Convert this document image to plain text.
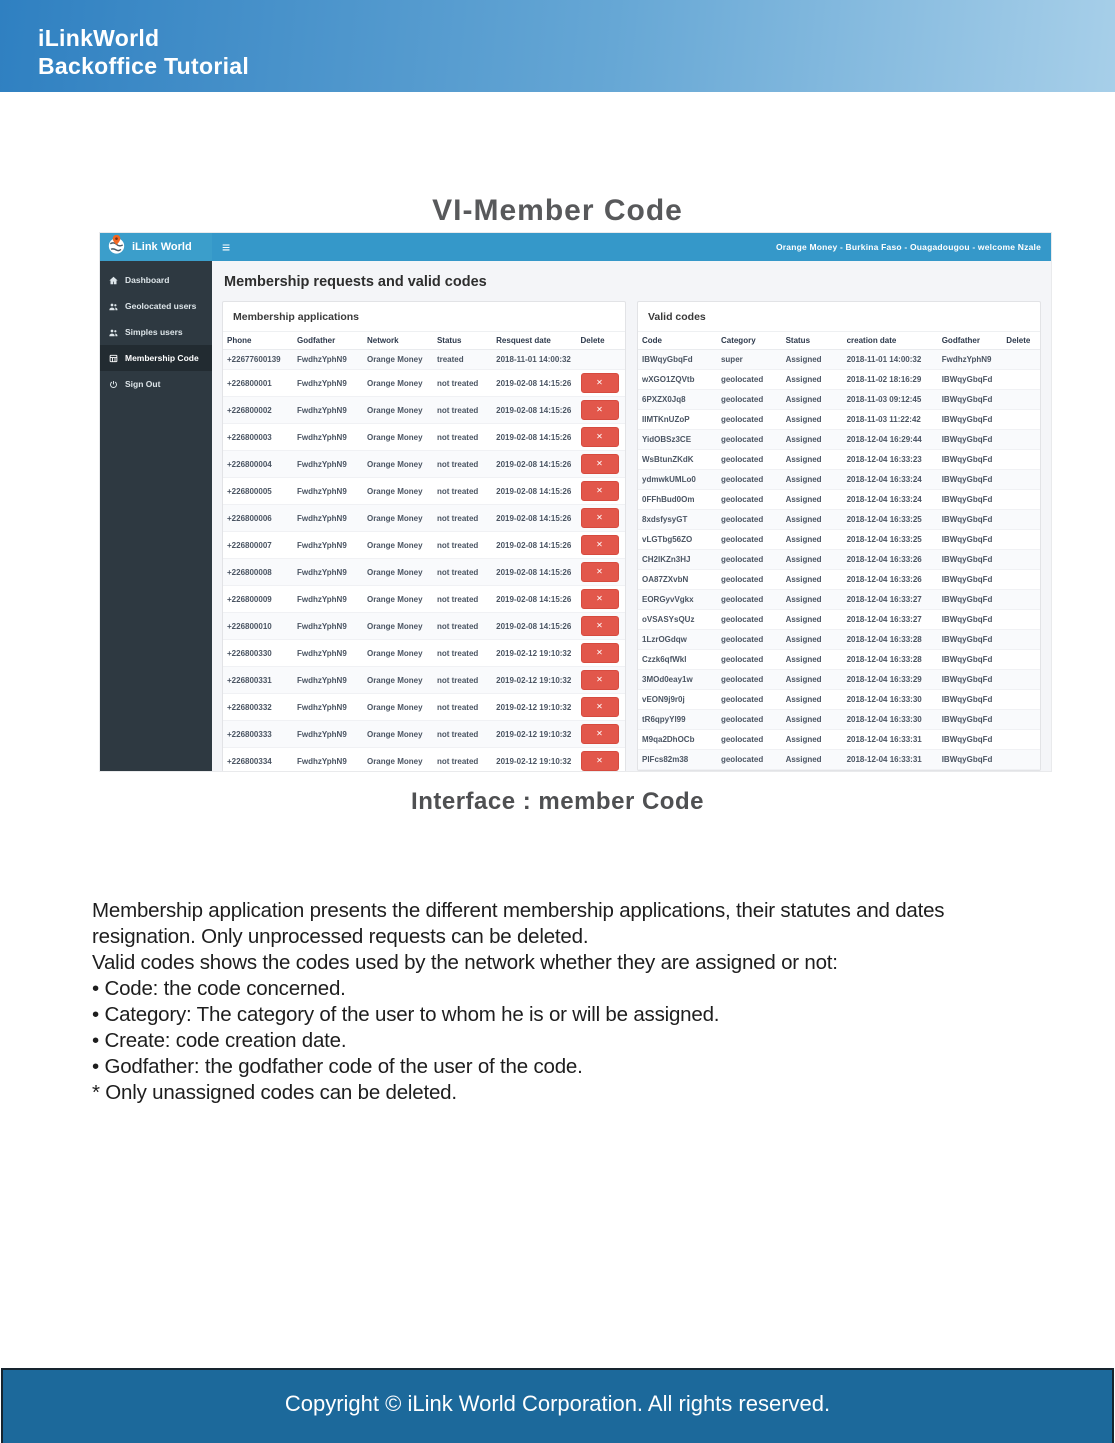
iLinkWorld
Backoffice Tutorial
VI-Member Code
iLink World ≡	Orange Money - Burkina Faso - Ouagadougou - welcome Nzale
Dashboard
Geolocated users
Simples users
Membership Code
Sign Out
Membership requests and valid codes
Membership applications
Phone	Godfather	Network	Status	Resquest date	Delete
+22677600139	FwdhzYphN9	Orange Money	treated	2018-11-01 14:00:32	
+226800001	FwdhzYphN9	Orange Money	not treated	2019-02-08 14:15:26	✕
+226800002	FwdhzYphN9	Orange Money	not treated	2019-02-08 14:15:26	✕
+226800003	FwdhzYphN9	Orange Money	not treated	2019-02-08 14:15:26	✕
+226800004	FwdhzYphN9	Orange Money	not treated	2019-02-08 14:15:26	✕
+226800005	FwdhzYphN9	Orange Money	not treated	2019-02-08 14:15:26	✕
+226800006	FwdhzYphN9	Orange Money	not treated	2019-02-08 14:15:26	✕
+226800007	FwdhzYphN9	Orange Money	not treated	2019-02-08 14:15:26	✕
+226800008	FwdhzYphN9	Orange Money	not treated	2019-02-08 14:15:26	✕
+226800009	FwdhzYphN9	Orange Money	not treated	2019-02-08 14:15:26	✕
+226800010	FwdhzYphN9	Orange Money	not treated	2019-02-08 14:15:26	✕
+226800330	FwdhzYphN9	Orange Money	not treated	2019-02-12 19:10:32	✕
+226800331	FwdhzYphN9	Orange Money	not treated	2019-02-12 19:10:32	✕
+226800332	FwdhzYphN9	Orange Money	not treated	2019-02-12 19:10:32	✕
+226800333	FwdhzYphN9	Orange Money	not treated	2019-02-12 19:10:32	✕
+226800334	FwdhzYphN9	Orange Money	not treated	2019-02-12 19:10:32	✕
Valid codes
Code	Category	Status	creation date	Godfather	Delete
IBWqyGbqFd	super	Assigned	2018-11-01 14:00:32	FwdhzYphN9	
wXGO1ZQVtb	geolocated	Assigned	2018-11-02 18:16:29	IBWqyGbqFd	
6PXZX0Jq8	geolocated	Assigned	2018-11-03 09:12:45	IBWqyGbqFd	
IIMTKnUZoP	geolocated	Assigned	2018-11-03 11:22:42	IBWqyGbqFd	
YidOBSz3CE	geolocated	Assigned	2018-12-04 16:29:44	IBWqyGbqFd	
WsBtunZKdK	geolocated	Assigned	2018-12-04 16:33:23	IBWqyGbqFd	
ydmwkUMLo0	geolocated	Assigned	2018-12-04 16:33:24	IBWqyGbqFd	
0FFhBud0Om	geolocated	Assigned	2018-12-04 16:33:24	IBWqyGbqFd	
8xdsfysyGT	geolocated	Assigned	2018-12-04 16:33:25	IBWqyGbqFd	
vLGTbg56ZO	geolocated	Assigned	2018-12-04 16:33:25	IBWqyGbqFd	
CH2lKZn3HJ	geolocated	Assigned	2018-12-04 16:33:26	IBWqyGbqFd	
OA87ZXvbN	geolocated	Assigned	2018-12-04 16:33:26	IBWqyGbqFd	
EORGyvVgkx	geolocated	Assigned	2018-12-04 16:33:27	IBWqyGbqFd	
oVSASYsQUz	geolocated	Assigned	2018-12-04 16:33:27	IBWqyGbqFd	
1LzrOGdqw	geolocated	Assigned	2018-12-04 16:33:28	IBWqyGbqFd	
Czzk6qfWkl	geolocated	Assigned	2018-12-04 16:33:28	IBWqyGbqFd	
3MOd0eay1w	geolocated	Assigned	2018-12-04 16:33:29	IBWqyGbqFd	
vEON9j9r0j	geolocated	Assigned	2018-12-04 16:33:30	IBWqyGbqFd	
tR6qpyYl99	geolocated	Assigned	2018-12-04 16:33:30	IBWqyGbqFd	
M9qa2DhOCb	geolocated	Assigned	2018-12-04 16:33:31	IBWqyGbqFd	
PlFcs82m38	geolocated	Assigned	2018-12-04 16:33:31	IBWqyGbqFd	
Interface : member Code
Membership application presents the different membership applications, their statutes and dates resignation. Only unprocessed requests can be deleted.
Valid codes shows the codes used by the network whether they are assigned or not:
• Code: the code concerned.
• Category: The category of the user to whom he is or will be assigned.
• Create: code creation date.
• Godfather: the godfather code of the user of the code.
* Only unassigned codes can be deleted.
Copyright © iLink World Corporation. All rights reserved.
